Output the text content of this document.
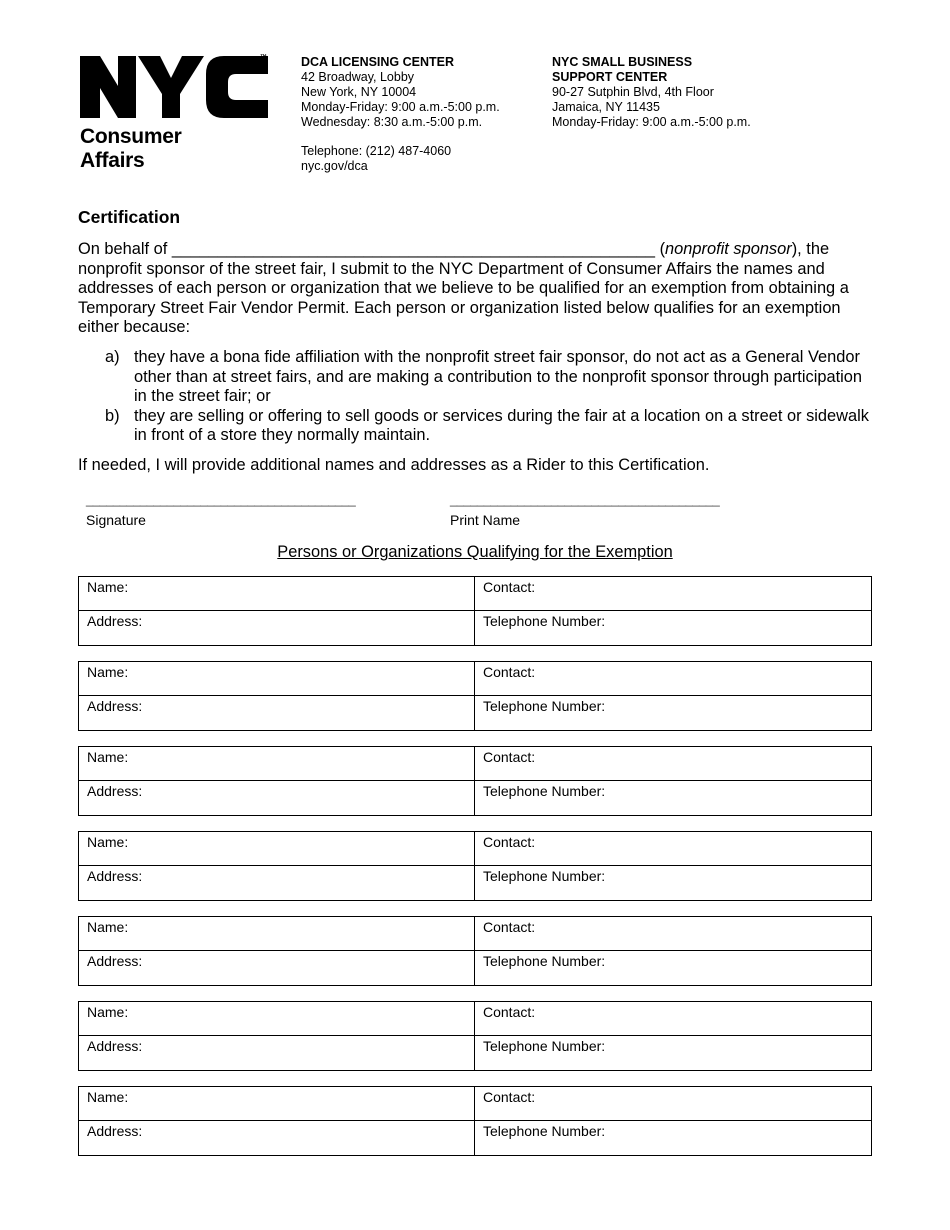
™

Consumer
Affairs

DCA LICENSING CENTER
42 Broadway, Lobby
New York, NY 10004
Monday-Friday: 9:00 a.m.-5:00 p.m.
Wednesday: 8:30 a.m.-5:00 p.m.
Telephone: (212) 487-4060
nyc.gov/dca
NYC SMALL BUSINESS
SUPPORT CENTER
90-27 Sutphin Blvd, 4th Floor
Jamaica, NY 11435
Monday-Friday: 9:00 a.m.-5:00 p.m.
Certification

On behalf of _____________________________________________________ (nonprofit sponsor), the nonprofit sponsor of the street fair, I submit to the NYC Department of Consumer Affairs the names and addresses of each person or organization that we believe to be qualified for an exemption from obtaining a Temporary Street Fair Vendor Permit. Each person or organization listed below qualifies for an exemption either because:

a) they have a bona fide affiliation with the nonprofit street fair sponsor, do not act as a General Vendor other than at street fairs, and are making a contribution to the nonprofit sponsor through participation in the street fair; or
b) they are selling or offering to sell goods or services during the fair at a location on a street or sidewalk in front of a store they normally maintain.

If needed, I will provide additional names and addresses as a Rider to this Certification.

________________________________________	________________________________________
Signature	Print Name

Persons or Organizations Qualifying for the Exemption

Name:	Contact:
Address:	Telephone Number:
Name:	Contact:
Address:	Telephone Number:
Name:	Contact:
Address:	Telephone Number:
Name:	Contact:
Address:	Telephone Number:
Name:	Contact:
Address:	Telephone Number:
Name:	Contact:
Address:	Telephone Number:
Name:	Contact:
Address:	Telephone Number:
